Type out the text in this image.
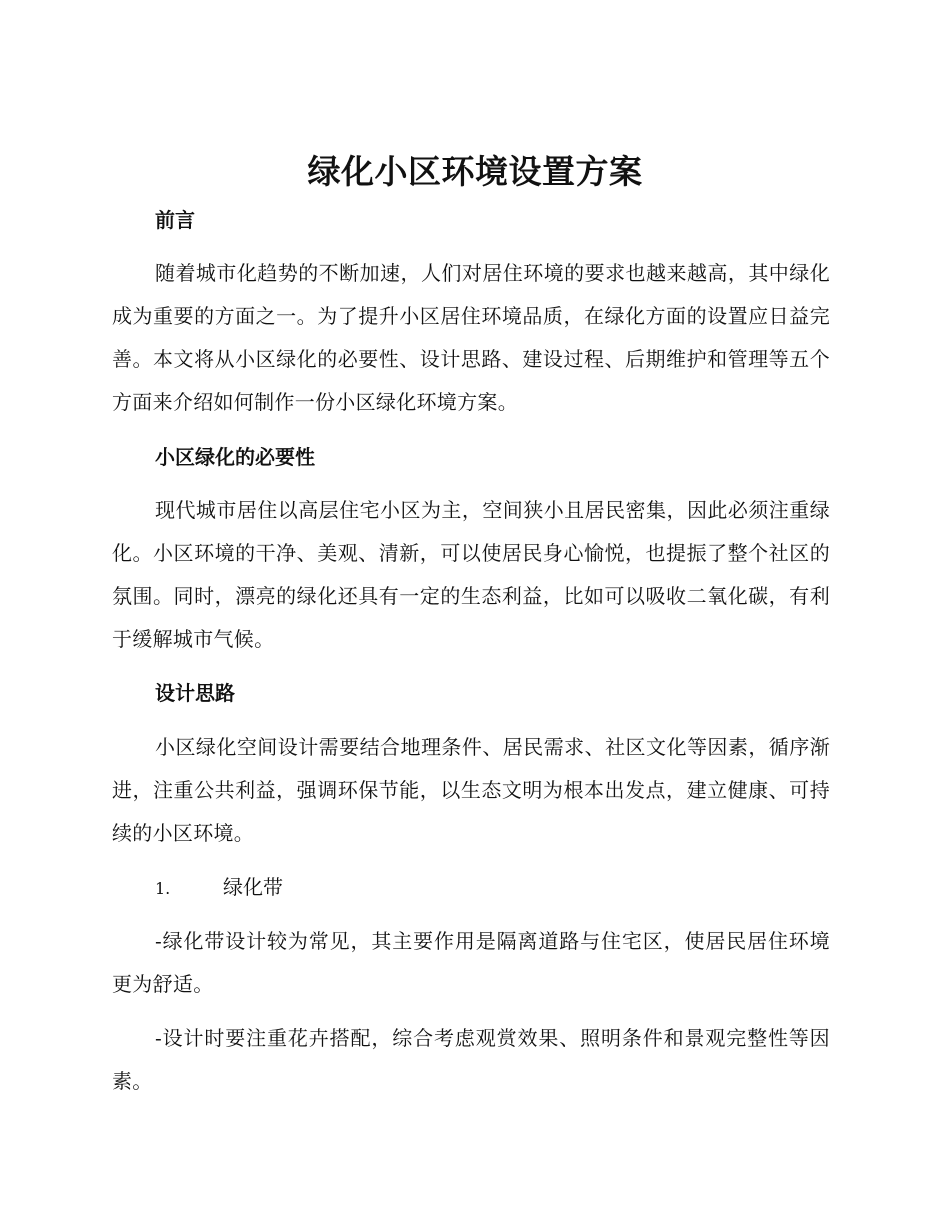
绿化小区环境设置方案
前言
随着城市化趋势的不断加速，人们对居住环境的要求也越来越高，其中绿化成为重要的方面之一。为了提升小区居住环境品质，在绿化方面的设置应日益完善。本文将从小区绿化的必要性、设计思路、建设过程、后期维护和管理等五个方面来介绍如何制作一份小区绿化环境方案。
小区绿化的必要性
现代城市居住以高层住宅小区为主，空间狭小且居民密集，因此必须注重绿化。小区环境的干净、美观、清新，可以使居民身心愉悦，也提振了整个社区的氛围。同时，漂亮的绿化还具有一定的生态利益，比如可以吸收二氧化碳，有利于缓解城市气候。
设计思路
小区绿化空间设计需要结合地理条件、居民需求、社区文化等因素，循序渐进，注重公共利益，强调环保节能，以生态文明为根本出发点，建立健康、可持续的小区环境。
1.	绿化带
-绿化带设计较为常见，其主要作用是隔离道路与住宅区，使居民居住环境更为舒适。
-设计时要注重花卉搭配，综合考虑观赏效果、照明条件和景观完整性等因素。
